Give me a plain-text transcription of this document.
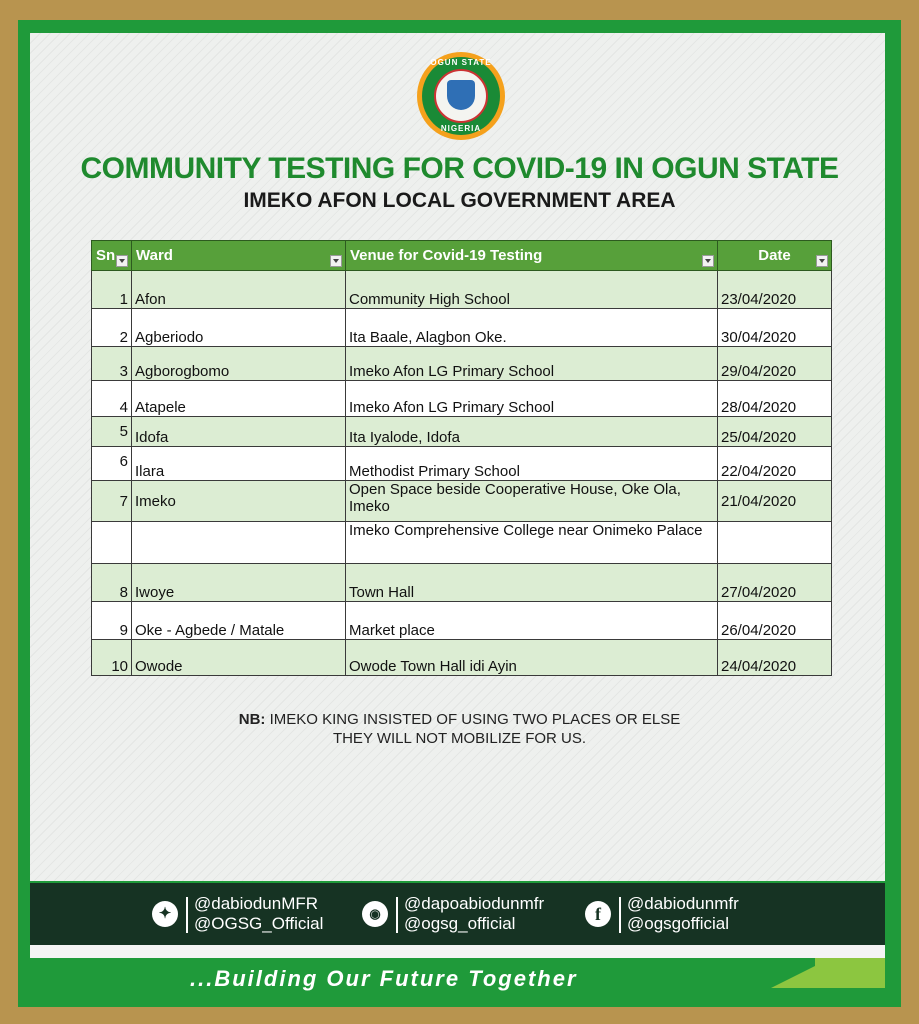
OGUN STATE
NIGERIA
COMMUNITY TESTING FOR COVID-19 IN OGUN STATE
IMEKO AFON LOCAL GOVERNMENT AREA
Sn	Ward	Venue for Covid-19 Testing	Date

1	Afon	Community High School	23/04/2020
2	Agberiodo	Ita Baale, Alagbon Oke.	30/04/2020
3	Agborogbomo	Imeko Afon LG Primary School	29/04/2020
4	Atapele	Imeko Afon LG Primary School	28/04/2020
5	Idofa	Ita Iyalode, Idofa	25/04/2020
6	Ilara	Methodist Primary School	22/04/2020
7	Imeko	Open Space beside Cooperative House, Oke Ola, Imeko	21/04/2020
		Imeko Comprehensive College near Onimeko Palace	
8	Iwoye	Town Hall	27/04/2020
9	Oke - Agbede / Matale	Market place	26/04/2020
10	Owode	Owode Town Hall idi Ayin	24/04/2020
NB: IMEKO KING INSISTED OF USING TWO PLACES OR ELSE
THEY WILL NOT MOBILIZE FOR US.
✦
@dabiodunMFR
@OGSG_Official
◉
@dapoabiodunmfr
@ogsg_official	f
@dabiodunmfr
@ogsgofficial
...Building Our Future Together
